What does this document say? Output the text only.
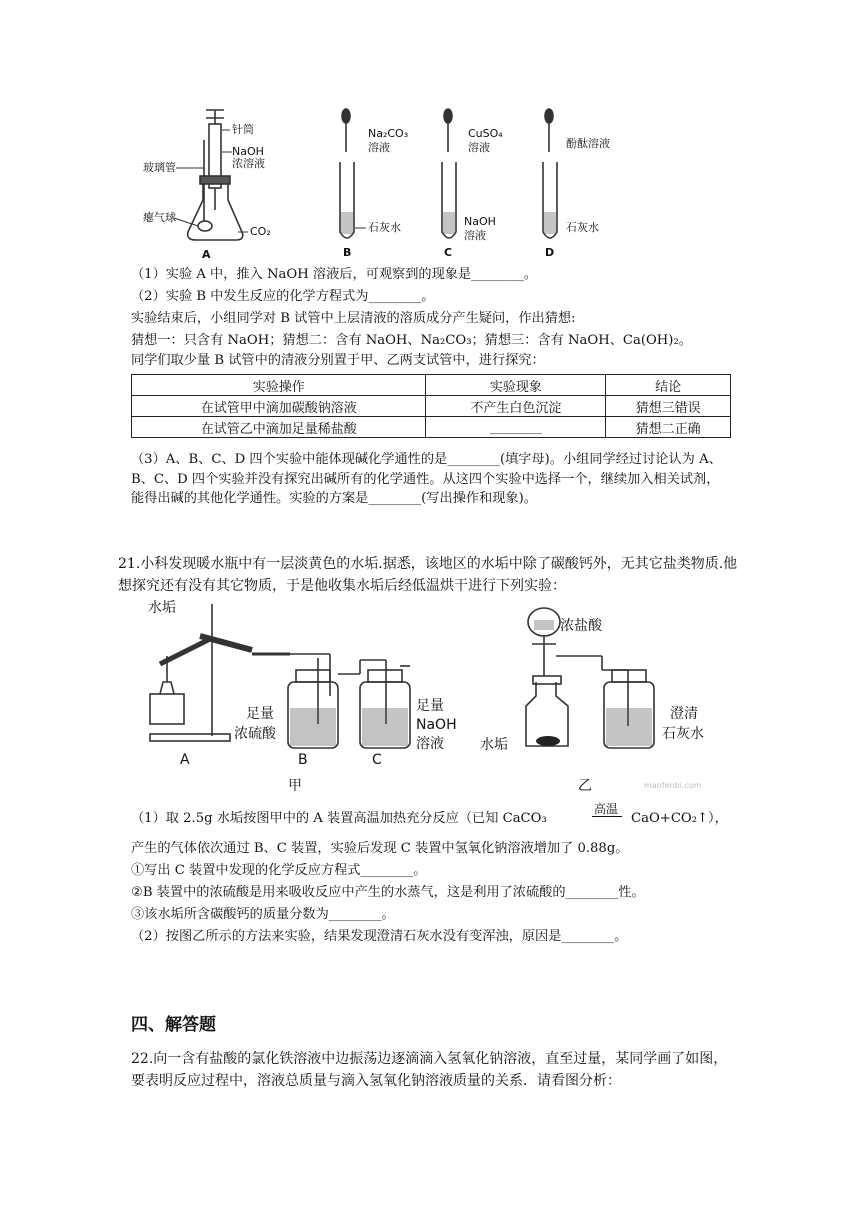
针筒
NaOH
浓溶液
玻璃管
瘪气球
CO₂
Na₂CO₃
溶液
石灰水
CuSO₄
溶液
NaOH
溶液
酚酞溶液
石灰水
A	B	C	D
（1）实验 A 中，推入 NaOH 溶液后，可观察到的现象是________。
（2）实验 B 中发生反应的化学方程式为________。
实验结束后，小组同学对 B 试管中上层清液的溶质成分产生疑问，作出猜想:
猜想一：只含有 NaOH；猜想二：含有 NaOH、Na₂CO₃；猜想三：含有 NaOH、Ca(OH)₂。
同学们取少量 B 试管中的清液分别置于甲、乙两支试管中，进行探究：
实验操作	实验现象	结论
在试管甲中滴加碳酸钠溶液	不产生白色沉淀	猜想三错误
在试管乙中滴加足量稀盐酸	________	猜想二正确
（3）A、B、C、D 四个实验中能体现碱化学通性的是________(填字母)。小组同学经过讨论认为 A、B、C、D 四个实验并没有探究出碱所有的化学通性。从这四个实验中选择一个，继续加入相关试剂，能得出碱的其他化学通性。实验的方案是________(写出操作和现象)。
21.小科发现暖水瓶中有一层淡黄色的水垢.据悉，该地区的水垢中除了碳酸钙外，无其它盐类物质.他想探究还有没有其它物质，于是他收集水垢后经低温烘干进行下列实验：
水垢
足量
浓硫酸
足量
NaOH
溶液
A	B	C
甲
浓盐酸
水垢
澄清
石灰水
乙	manfenbi.com
（1）取 2.5g 水垢按图甲中的 A 装置高温加热充分反应（已知 CaCO₃
高温
CaO+CO₂↑），
产生的气体依次通过 B、C 装置，实验后发现 C 装置中氢氧化钠溶液增加了 0.88g。
①写出 C 装置中发现的化学反应方程式________。
②B 装置中的浓硫酸是用来吸收反应中产生的水蒸气，这是利用了浓硫酸的________性。
③该水垢所含碳酸钙的质量分数为________。
（2）按图乙所示的方法来实验，结果发现澄清石灰水没有变浑浊，原因是________。
四、解答题
22.向一含有盐酸的氯化铁溶液中边振荡边逐滴滴入氢氧化钠溶液，直至过量，某同学画了如图，要表明反应过程中，溶液总质量与滴入氢氧化钠溶液质量的关系．请看图分析：
